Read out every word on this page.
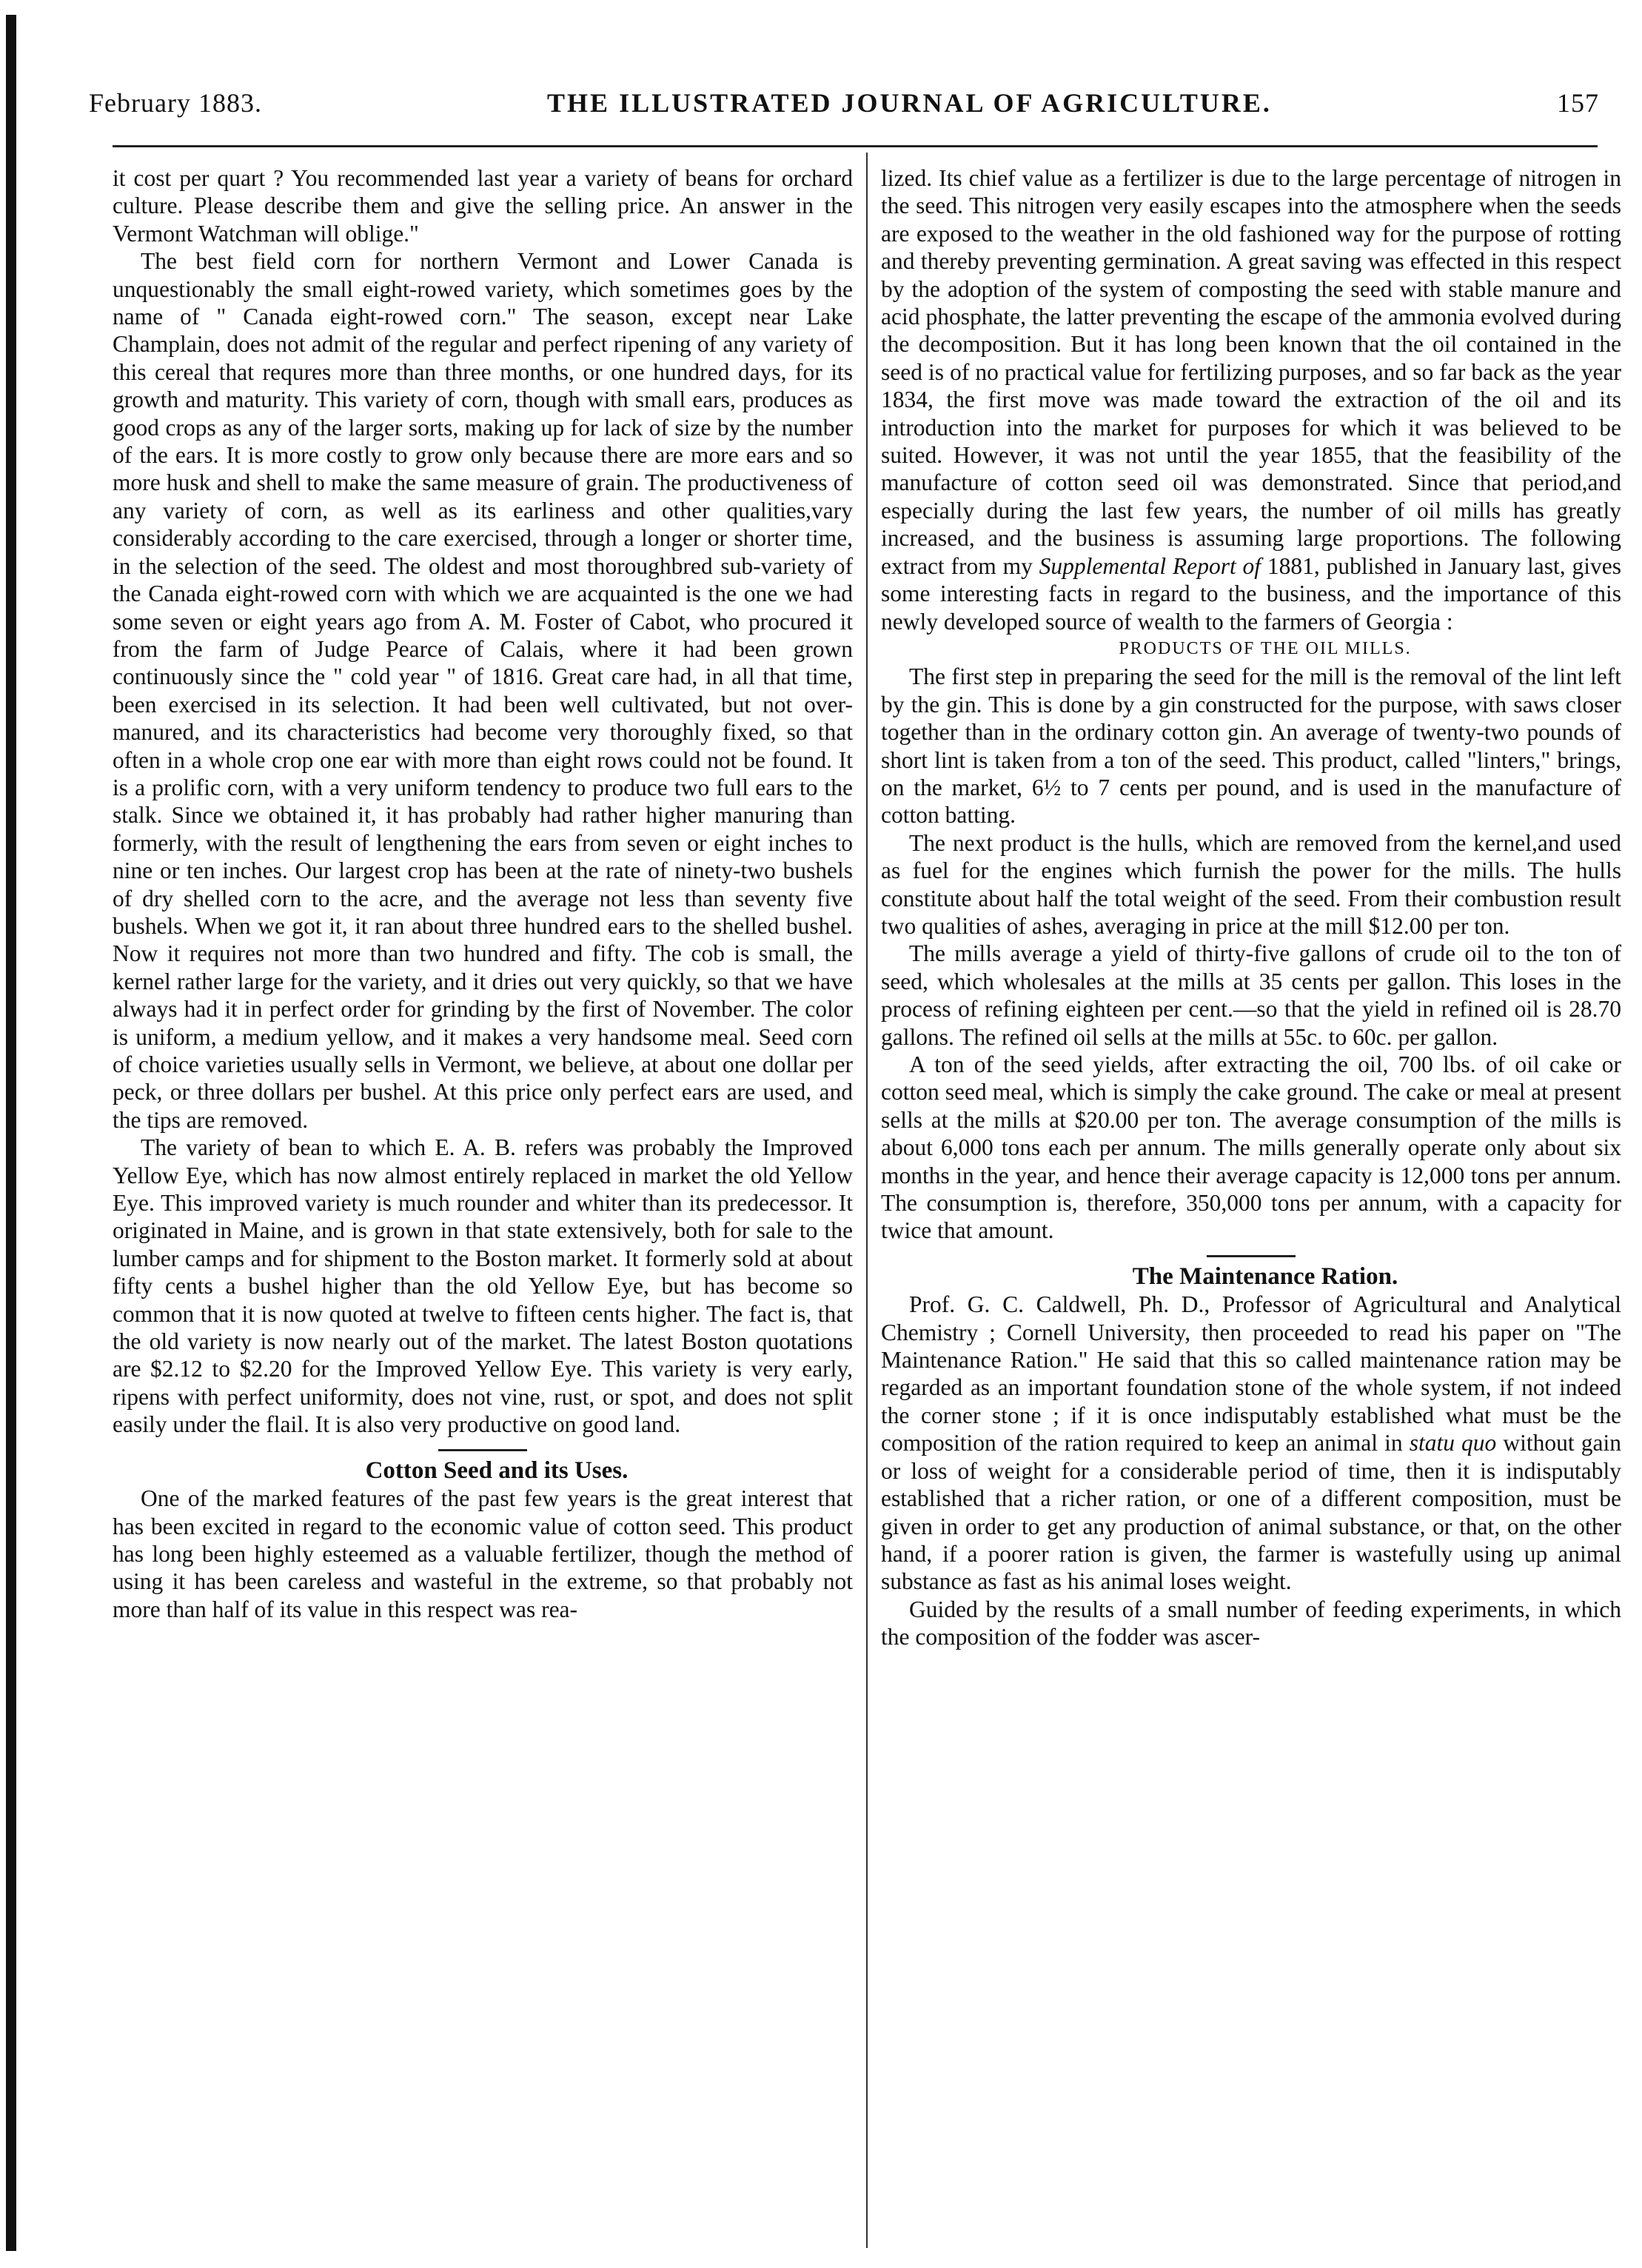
February 1883.	THE ILLUSTRATED JOURNAL OF AGRICULTURE.	157

it cost per quart ? You recommended last year a variety of beans for orchard culture. Please describe them and give the selling price. An answer in the Vermont Watchman will oblige."

The best field corn for northern Vermont and Lower Canada is unquestionably the small eight-rowed variety, which sometimes goes by the name of " Canada eight-rowed corn." The season, except near Lake Champlain, does not admit of the regular and perfect ripening of any variety of this cereal that requres more than three months, or one hundred days, for its growth and maturity. This variety of corn, though with small ears, produces as good crops as any of the larger sorts, making up for lack of size by the number of the ears. It is more costly to grow only because there are more ears and so more husk and shell to make the same measure of grain. The productiveness of any variety of corn, as well as its earliness and other qualities,vary considerably according to the care exercised, through a longer or shorter time, in the selection of the seed. The oldest and most thoroughbred sub-variety of the Canada eight-rowed corn with which we are acquainted is the one we had some seven or eight years ago from A. M. Foster of Cabot, who procured it from the farm of Judge Pearce of Calais, where it had been grown continuously since the " cold year " of 1816. Great care had, in all that time, been exercised in its selection. It had been well cultivated, but not over-manured, and its characteristics had become very thoroughly fixed, so that often in a whole crop one ear with more than eight rows could not be found. It is a prolific corn, with a very uniform tendency to produce two full ears to the stalk. Since we obtained it, it has probably had rather higher manuring than formerly, with the result of lengthening the ears from seven or eight inches to nine or ten inches. Our largest crop has been at the rate of ninety-two bushels of dry shelled corn to the acre, and the average not less than seventy five bushels. When we got it, it ran about three hundred ears to the shelled bushel. Now it requires not more than two hundred and fifty. The cob is small, the kernel rather large for the variety, and it dries out very quickly, so that we have always had it in perfect order for grinding by the first of November. The color is uniform, a medium yellow, and it makes a very handsome meal. Seed corn of choice varieties usually sells in Vermont, we believe, at about one dollar per peck, or three dollars per bushel. At this price only perfect ears are used, and the tips are removed.

The variety of bean to which E. A. B. refers was probably the Improved Yellow Eye, which has now almost entirely replaced in market the old Yellow Eye. This improved variety is much rounder and whiter than its predecessor. It originated in Maine, and is grown in that state extensively, both for sale to the lumber camps and for shipment to the Boston market. It formerly sold at about fifty cents a bushel higher than the old Yellow Eye, but has become so common that it is now quoted at twelve to fifteen cents higher. The fact is, that the old variety is now nearly out of the market. The latest Boston quotations are $2.12 to $2.20 for the Improved Yellow Eye. This variety is very early, ripens with perfect uniformity, does not vine, rust, or spot, and does not split easily under the flail. It is also very productive on good land.

Cotton Seed and its Uses.

One of the marked features of the past few years is the great interest that has been excited in regard to the economic value of cotton seed. This product has long been highly esteemed as a valuable fertilizer, though the method of using it has been careless and wasteful in the extreme, so that probably not more than half of its value in this respect was rea-

lized. Its chief value as a fertilizer is due to the large percentage of nitrogen in the seed. This nitrogen very easily escapes into the atmosphere when the seeds are exposed to the weather in the old fashioned way for the purpose of rotting and thereby preventing germination. A great saving was effected in this respect by the adoption of the system of composting the seed with stable manure and acid phosphate, the latter preventing the escape of the ammonia evolved during the decomposition. But it has long been known that the oil contained in the seed is of no practical value for fertilizing purposes, and so far back as the year 1834, the first move was made toward the extraction of the oil and its introduction into the market for purposes for which it was believed to be suited. However, it was not until the year 1855, that the feasibility of the manufacture of cotton seed oil was demonstrated. Since that period,and especially during the last few years, the number of oil mills has greatly increased, and the business is assuming large proportions. The following extract from my Supplemental Report of 1881, published in January last, gives some interesting facts in regard to the business, and the importance of this newly developed source of wealth to the farmers of Georgia :

PRODUCTS OF THE OIL MILLS.

The first step in preparing the seed for the mill is the removal of the lint left by the gin. This is done by a gin constructed for the purpose, with saws closer together than in the ordinary cotton gin. An average of twenty-two pounds of short lint is taken from a ton of the seed. This product, called "linters," brings, on the market, 6½ to 7 cents per pound, and is used in the manufacture of cotton batting.

The next product is the hulls, which are removed from the kernel,and used as fuel for the engines which furnish the power for the mills. The hulls constitute about half the total weight of the seed. From their combustion result two qualities of ashes, averaging in price at the mill $12.00 per ton.

The mills average a yield of thirty-five gallons of crude oil to the ton of seed, which wholesales at the mills at 35 cents per gallon. This loses in the process of refining eighteen per cent.—so that the yield in refined oil is 28.70 gallons. The refined oil sells at the mills at 55c. to 60c. per gallon.

A ton of the seed yields, after extracting the oil, 700 lbs. of oil cake or cotton seed meal, which is simply the cake ground. The cake or meal at present sells at the mills at $20.00 per ton. The average consumption of the mills is about 6,000 tons each per annum. The mills generally operate only about six months in the year, and hence their average capacity is 12,000 tons per annum. The consumption is, therefore, 350,000 tons per annum, with a capacity for twice that amount.

The Maintenance Ration.

Prof. G. C. Caldwell, Ph. D., Professor of Agricultural and Analytical Chemistry ; Cornell University, then proceeded to read his paper on "The Maintenance Ration." He said that this so called maintenance ration may be regarded as an important foundation stone of the whole system, if not indeed the corner stone ; if it is once indisputably established what must be the composition of the ration required to keep an animal in statu quo without gain or loss of weight for a considerable period of time, then it is indisputably established that a richer ration, or one of a different composition, must be given in order to get any production of animal substance, or that, on the other hand, if a poorer ration is given, the farmer is wastefully using up animal substance as fast as his animal loses weight.

Guided by the results of a small number of feeding experiments, in which the composition of the fodder was ascer-
